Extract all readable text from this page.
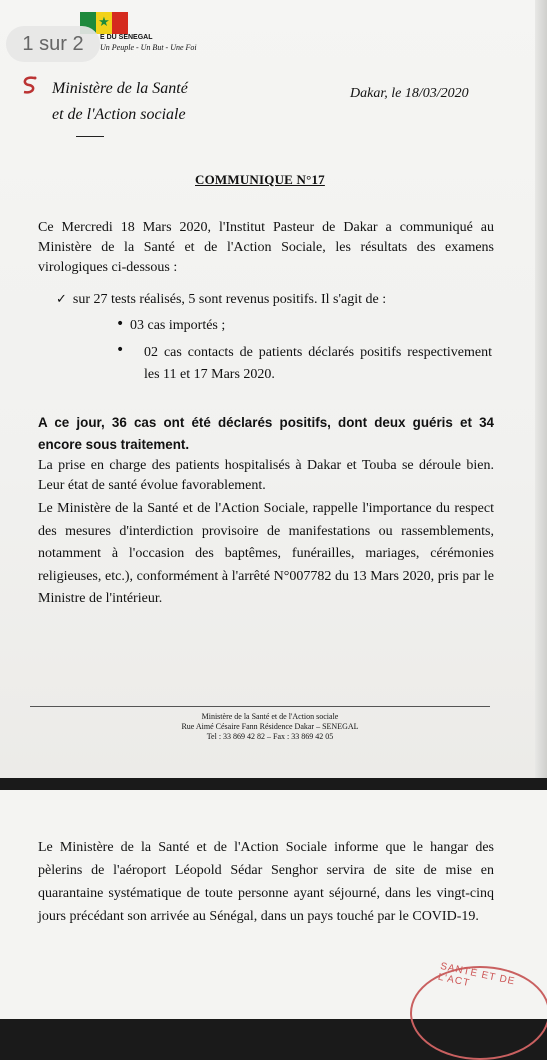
★
E DU SENEGAL
Un Peuple - Un But - Une Foi
1 sur 2
Ministère de la Santé
et de l'Action sociale
Dakar, le 18/03/2020
COMMUNIQUE N°17

Ce Mercredi 18 Mars 2020, l'Institut Pasteur de Dakar a communiqué au Ministère de la Santé et de l'Action Sociale, les résultats des examens virologiques ci-dessous :

✓ sur 27 tests réalisés, 5 sont revenus positifs. Il s'agit de :
• 03 cas importés ;
• 02 cas contacts de patients déclarés positifs respectivement les 11 et 17 Mars 2020.

A ce jour, 36 cas ont été déclarés positifs, dont deux guéris et 34 encore sous traitement.

La prise en charge des patients hospitalisés à Dakar et Touba se déroule bien. Leur état de santé évolue favorablement.

Le Ministère de la Santé et de l'Action Sociale, rappelle l'importance du respect des mesures d'interdiction provisoire de manifestations ou rassemblements, notamment à l'occasion des baptêmes, funérailles, mariages, cérémonies religieuses, etc.), conformément à l'arrêté N°007782 du 13 Mars 2020, pris par le Ministre de l'intérieur.

Ministère de la Santé et de l'Action sociale
Rue Aimé Césaire Fann Résidence Dakar – SENEGAL
Tel : 33 869 42 82 – Fax : 33 869 42 05

Le Ministère de la Santé et de l'Action Sociale informe que le hangar des pèlerins de l'aéroport Léopold Sédar Senghor servira de site de mise en quarantaine systématique de toute personne ayant séjourné, dans les vingt-cinq jours précédant son arrivée au Sénégal, dans un pays touché par le COVID-19.

SANTÉ ET DE L'ACT
